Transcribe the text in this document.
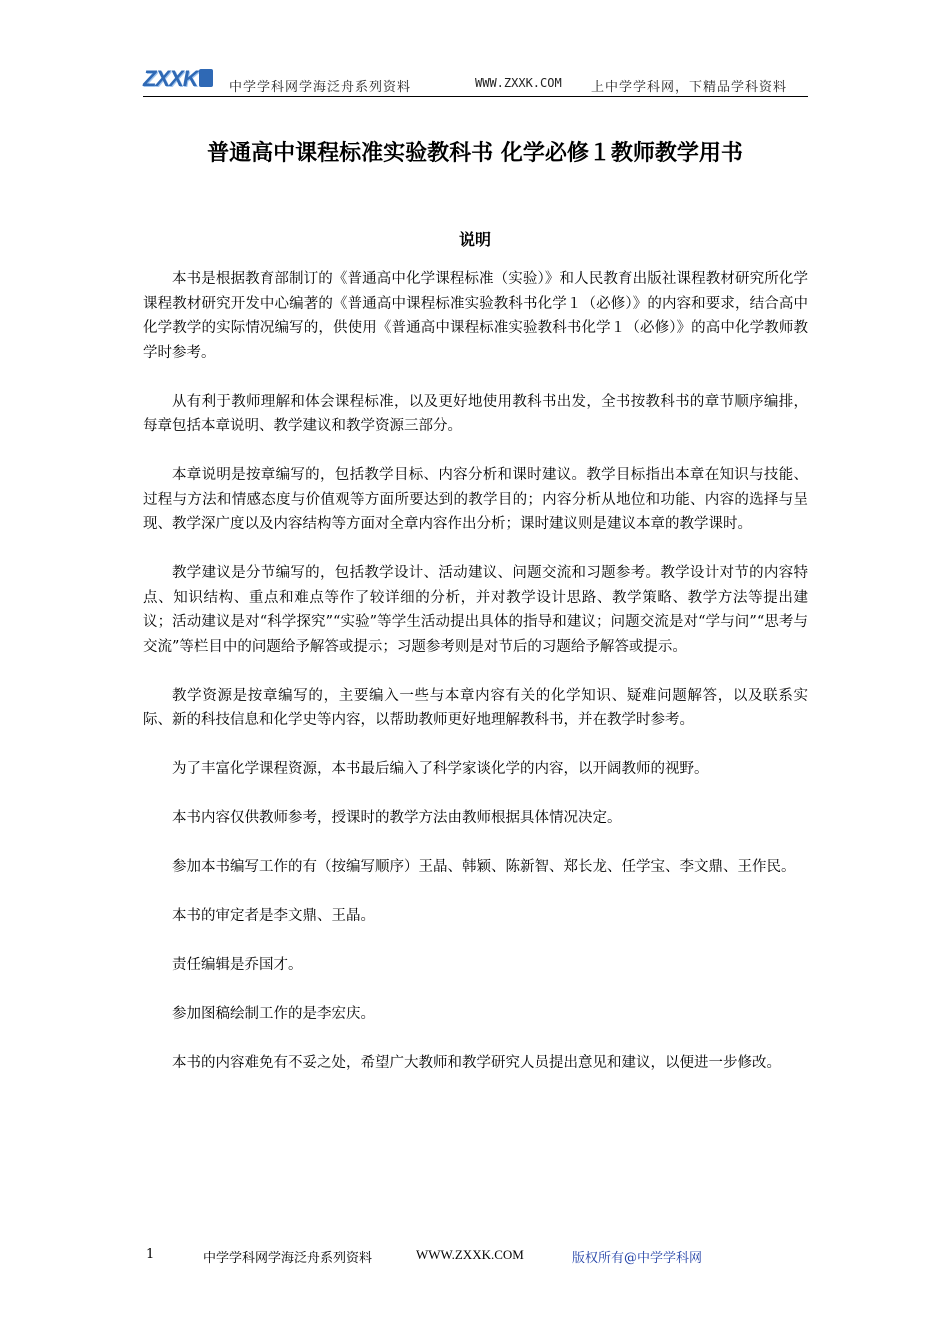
ZXXK 中学学科网学海泛舟系列资料	WWW.ZXXK.COM 上中学学科网，下精品学科资料
普通高中课程标准实验教科书 化学必修１教师教学用书
说明

本书是根据教育部制订的《普通高中化学课程标准（实验）》和人民教育出版社课程教材研究所化学课程教材研究开发中心编著的《普通高中课程标准实验教科书化学１（必修）》的内容和要求，结合高中化学教学的实际情况编写的，供使用《普通高中课程标准实验教科书化学１（必修）》的高中化学教师教学时参考。

从有利于教师理解和体会课程标准，以及更好地使用教科书出发，全书按教科书的章节顺序编排，每章包括本章说明、教学建议和教学资源三部分。

本章说明是按章编写的，包括教学目标、内容分析和课时建议。教学目标指出本章在知识与技能、过程与方法和情感态度与价值观等方面所要达到的教学目的；内容分析从地位和功能、内容的选择与呈现、教学深广度以及内容结构等方面对全章内容作出分析；课时建议则是建议本章的教学课时。

教学建议是分节编写的，包括教学设计、活动建议、问题交流和习题参考。教学设计对节的内容特点、知识结构、重点和难点等作了较详细的分析，并对教学设计思路、教学策略、教学方法等提出建议；活动建议是对“科学探究”“实验”等学生活动提出具体的指导和建议；问题交流是对“学与问”“思考与交流”等栏目中的问题给予解答或提示；习题参考则是对节后的习题给予解答或提示。

教学资源是按章编写的，主要编入一些与本章内容有关的化学知识、疑难问题解答，以及联系实际、新的科技信息和化学史等内容，以帮助教师更好地理解教科书，并在教学时参考。

为了丰富化学课程资源，本书最后编入了科学家谈化学的内容，以开阔教师的视野。

本书内容仅供教师参考，授课时的教学方法由教师根据具体情况决定。

参加本书编写工作的有（按编写顺序）王晶、韩颖、陈新智、郑长龙、任学宝、李文鼎、王作民。

本书的审定者是李文鼎、王晶。

责任编辑是乔国才。

参加图稿绘制工作的是李宏庆。

本书的内容难免有不妥之处，希望广大教师和教学研究人员提出意见和建议，以便进一步修改。

1	中学学科网学海泛舟系列资料	WWW.ZXXK.COM	版权所有@中学学科网
